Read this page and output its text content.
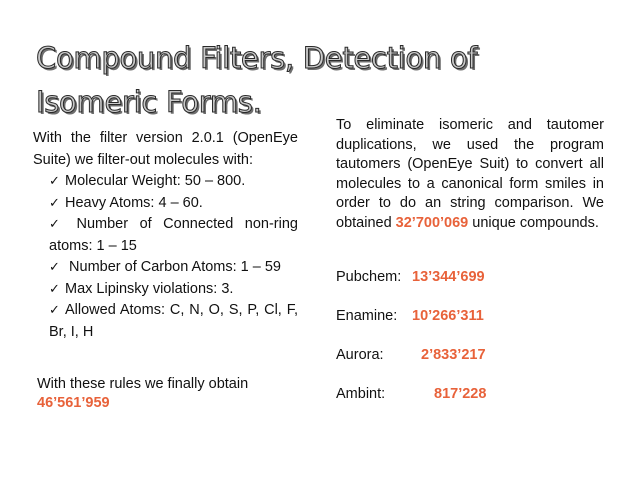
Compound Filters, Detection of
Isomeric Forms.
With the filter version 2.0.1 (OpenEye Suite) we filter-out molecules with:
✓ Molecular Weight: 50 – 800.
✓ Heavy Atoms: 4 – 60.
✓ Number of Connected non-ring atoms: 1 – 15
✓ Number of Carbon Atoms: 1 – 59
✓ Max Lipinsky violations: 3.
✓ Allowed Atoms: C, N, O, S, P, Cl, F, Br, I, H
With these rules we finally obtain
46’561’959
To eliminate isomeric and tautomer duplications, we used the program tautomers (OpenEye Suit) to convert all molecules to a canonical form smiles in order to do an string comparison. We obtained 32’700’069 unique compounds.
Pubchem: 13’344’699
Enamine: 10’266’311
Aurora:	2’833’217
Ambint:	817’228
